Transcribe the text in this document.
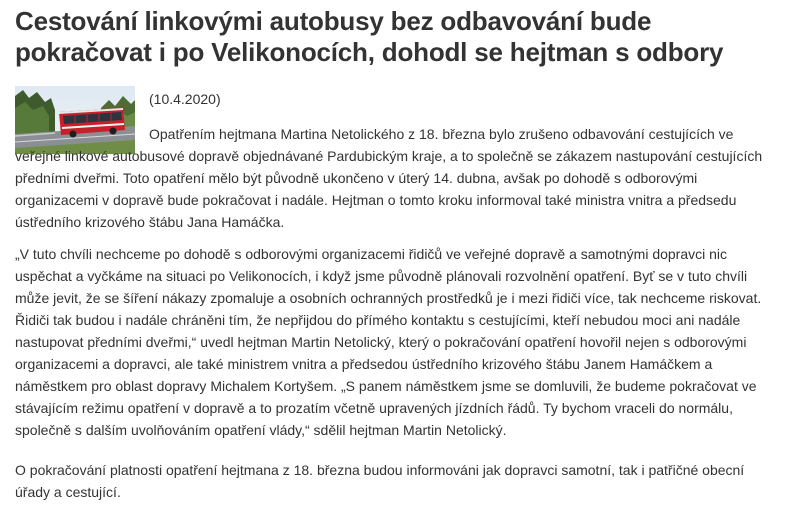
Cestování linkovými autobusy bez odbavování bude pokračovat i po Velikonocích, dohodl se hejtman s odbory
(10.4.2020)

Opatřením hejtmana Martina Netolického z 18. března bylo zrušeno odbavování cestujících ve veřejné linkové autobusové dopravě objednávané Pardubickým kraje, a to společně se zákazem nastupování cestujících předními dveřmi. Toto opatření mělo být původně ukončeno v úterý 14. dubna, avšak po dohodě s odborovými organizacemi v dopravě bude pokračovat i nadále. Hejtman o tomto kroku informoval také ministra vnitra a předsedu ústředního krizového štábu Jana Hamáčka.

„V tuto chvíli nechceme po dohodě s odborovými organizacemi řidičů ve veřejné dopravě a samotnými dopravci nic uspěchat a vyčkáme na situaci po Velikonocích, i když jsme původně plánovali rozvolnění opatření. Byť se v tuto chvíli může jevit, že se šíření nákazy zpomaluje a osobních ochranných prostředků je i mezi řidiči více, tak nechceme riskovat. Řidiči tak budou i nadále chráněni tím, že nepřijdou do přímého kontaktu s cestujícími, kteří nebudou moci ani nadále nastupovat předními dveřmi,“ uvedl hejtman Martin Netolický, který o pokračování opatření hovořil nejen s odborovými organizacemi a dopravci, ale také ministrem vnitra a předsedou ústředního krizového štábu Janem Hamáčkem a náměstkem pro oblast dopravy Michalem Kortyšem. „S panem náměstkem jsme se domluvili, že budeme pokračovat ve stávajícím režimu opatření v dopravě a to prozatím včetně upravených jízdních řádů. Ty bychom vraceli do normálu, společně s dalším uvolňováním opatření vlády,“ sdělil hejtman Martin Netolický.

O pokračování platnosti opatření hejtmana z 18. března budou informováni jak dopravci samotní, tak i patřičné obecní úřady a cestující.
